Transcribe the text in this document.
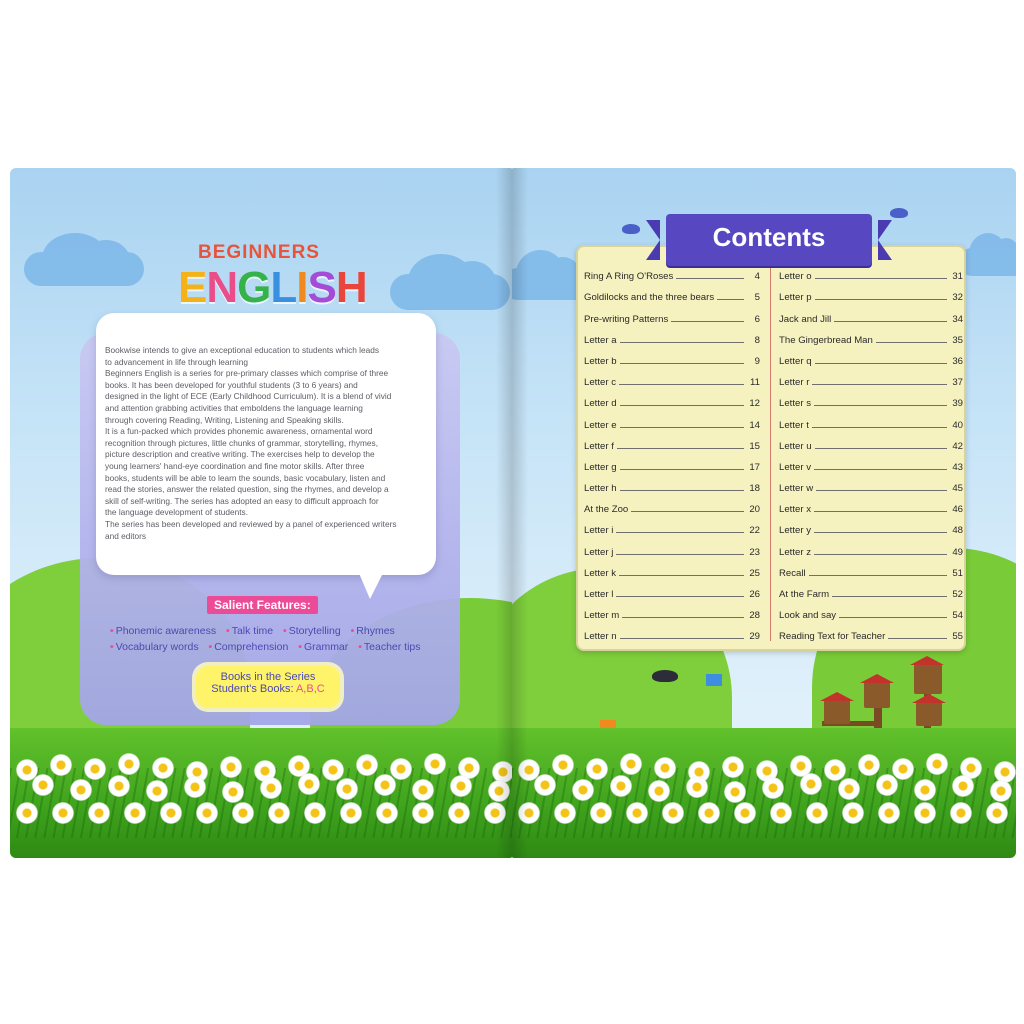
BEGINNERS
ENGLISH
Bookwise intends to give an exceptional education to students which leads
to advancement in life through learning
Beginners English is a series for pre-primary classes which comprise of three
books. It has been developed for youthful students (3 to 6 years) and
designed in the light of ECE (Early Childhood Curriculum). It is a blend of vivid
and attention grabbing activities that emboldens the language learning
through covering Reading, Writing, Listening and Speaking skills.
It is a fun-packed which provides phonemic awareness, ornamental word
recognition through pictures, little chunks of grammar, storytelling, rhymes,
picture description and creative writing. The exercises help to develop the
young learners' hand-eye coordination and fine motor skills. After three
books, students will be able to learn the sounds, basic vocabulary, listen and
read the stories, answer the related question, sing the rhymes, and develop a
skill of self-writing. The series has adopted an easy to difficult approach for
the language development of students.
The series has been developed and reviewed by a panel of experienced writers
and editors
Salient Features:
• Phonemic awareness • Talk time • Storytelling • Rhymes
• Vocabulary words • Comprehension • Grammar • Teacher tips
Books in the Series
Student's Books: A,B,C
Contents
Ring A Ring O'Roses	4
Goldilocks and the three bears	5
Pre-writing Patterns	6
Letter a	8
Letter b	9
Letter c	11
Letter d	12
Letter e	14
Letter f	15
Letter g	17
Letter h	18
At the Zoo	20
Letter i	22
Letter j	23
Letter k	25
Letter l	26
Letter m	28
Letter n	29
Letter o	31
Letter p	32
Jack and Jill	34
The Gingerbread Man	35
Letter q	36
Letter r	37
Letter s	39
Letter t	40
Letter u	42
Letter v	43
Letter w	45
Letter x	46
Letter y	48
Letter z	49
Recall	51
At the Farm	52
Look and say	54
Reading Text for Teacher	55
